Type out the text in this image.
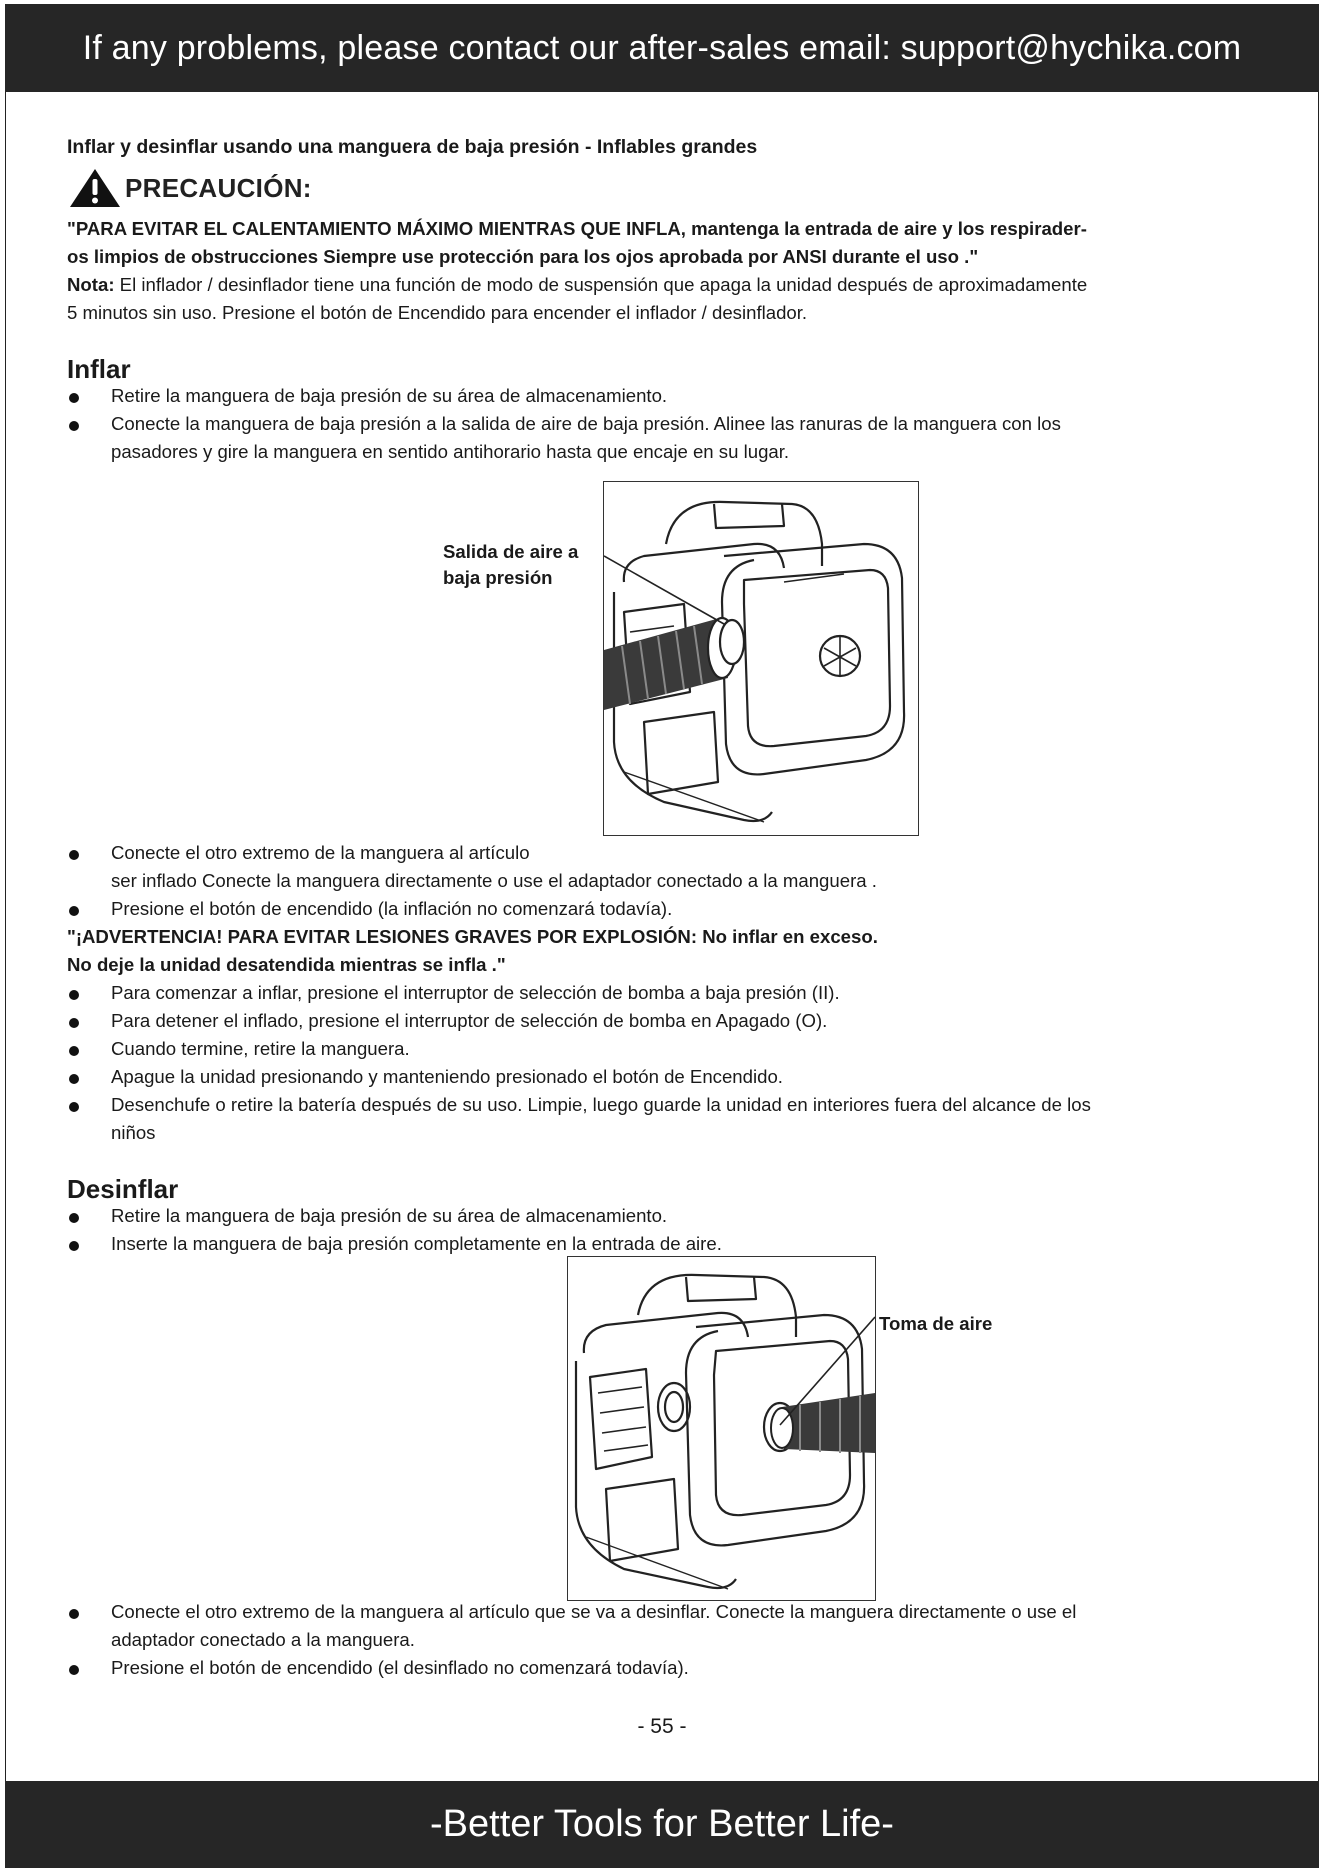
If any problems, please contact our after-sales email: support@hychika.com
Inflar y desinflar usando una manguera de baja presión - Inflables grandes
PRECAUCIÓN:
"PARA EVITAR EL CALENTAMIENTO MÁXIMO MIENTRAS QUE INFLA, mantenga la entrada de aire y los respirader-
os limpios de obstrucciones Siempre use protección para los ojos aprobada por ANSI durante el uso ."
Nota: El inflador / desinflador tiene una función de modo de suspensión que apaga la unidad después de aproximadamente
5 minutos sin uso. Presione el botón de Encendido para encender el inflador / desinflador.
Inflar
Retire la manguera de baja presión de su área de almacenamiento.
Conecte la manguera de baja presión a la salida de aire de baja presión. Alinee las ranuras de la manguera con los
pasadores y gire la manguera en sentido antihorario hasta que encaje en su lugar.
Salida de aire a
baja presión
Conecte el otro extremo de la manguera al artículo
ser inflado Conecte la manguera directamente o use el adaptador conectado a la manguera .
Presione el botón de encendido (la inflación no comenzará todavía).
"¡ADVERTENCIA! PARA EVITAR LESIONES GRAVES POR EXPLOSIÓN: No inflar en exceso.
No deje la unidad desatendida mientras se infla ."
Para comenzar a inflar, presione el interruptor de selección de bomba a baja presión (II).
Para detener el inflado, presione el interruptor de selección de bomba en Apagado (O).
Cuando termine, retire la manguera.
Apague la unidad presionando y manteniendo presionado el botón de Encendido.
Desenchufe o retire la batería después de su uso. Limpie, luego guarde la unidad en interiores fuera del alcance de los
niños
Desinflar
Retire la manguera de baja presión de su área de almacenamiento.
Inserte la manguera de baja presión completamente en la entrada de aire.
Toma de aire
Conecte el otro extremo de la manguera al artículo que se va a desinflar. Conecte la manguera directamente o use el
adaptador conectado a la manguera.
Presione el botón de encendido (el desinflado no comenzará todavía).
- 55 -
-Better Tools for Better Life-
